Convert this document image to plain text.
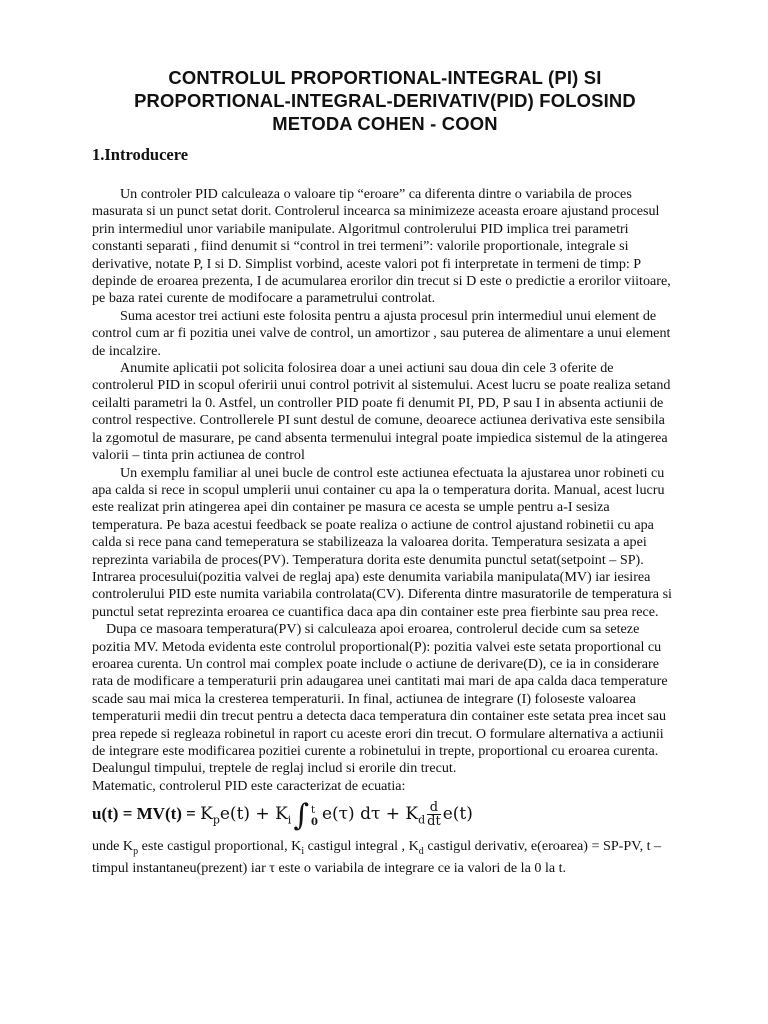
CONTROLUL PROPORTIONAL-INTEGRAL (PI) SI
PROPORTIONAL-INTEGRAL-DERIVATIV(PID) FOLOSIND
METODA COHEN - COON
1.Introducere

Un controler PID calculeaza o valoare tip “eroare” ca diferenta dintre o variabila de proces masurata si un punct setat dorit. Controlerul incearca sa minimizeze aceasta eroare ajustand procesul prin intermediul unor variabile manipulate. Algoritmul controlerului PID implica trei parametri constanti separati , fiind denumit si “control in trei termeni”: valorile proportionale, integrale si derivative, notate P, I si D. Simplist vorbind, aceste valori pot fi interpretate in termeni de timp: P depinde de eroarea prezenta, I de acumularea erorilor din trecut si D este o predictie a erorilor viitoare, pe baza ratei curente de modifocare a parametrului controlat.

Suma acestor trei actiuni este folosita pentru a ajusta procesul prin intermediul unui element de control cum ar fi pozitia unei valve de control, un amortizor , sau puterea de alimentare a unui element de incalzire.

Anumite aplicatii pot solicita folosirea doar a unei actiuni sau doua din cele 3 oferite de controlerul PID in scopul oferirii unui control potrivit al sistemului. Acest lucru se poate realiza setand ceilalti parametri la 0. Astfel, un controller PID poate fi denumit PI, PD, P sau I in absenta actiunii de control respective. Controllerele PI sunt destul de comune, deoarece actiunea derivativa este sensibila la zgomotul de masurare, pe cand absenta termenului integral poate impiedica sistemul de la atingerea valorii – tinta prin actiunea de control

Un exemplu familiar al unei bucle de control este actiunea efectuata la ajustarea unor robineti cu apa calda si rece in scopul umplerii unui container cu apa la o temperatura dorita. Manual, acest lucru este realizat prin atingerea apei din container pe masura ce acesta se umple pentru a-I sesiza temperatura. Pe baza acestui feedback se poate realiza o actiune de control ajustand robinetii cu apa calda si rece pana cand temeperatura se stabilizeaza la valoarea dorita. Temperatura sesizata a apei reprezinta variabila de proces(PV). Temperatura dorita este denumita punctul setat(setpoint – SP). Intrarea procesului(pozitia valvei de reglaj apa) este denumita variabila manipulata(MV) iar iesirea controlerului PID este numita variabila controlata(CV). Diferenta dintre masuratorile de temperatura si punctul setat reprezinta eroarea ce cuantifica daca apa din container este prea fierbinte sau prea rece.

Dupa ce masoara temperatura(PV) si calculeaza apoi eroarea, controlerul decide cum sa seteze pozitia MV. Metoda evidenta este controlul proportional(P): pozitia valvei este setata proportional cu eroarea curenta. Un control mai complex poate include o actiune de derivare(D), ce ia in considerare rata de modificare a temperaturii prin adaugarea unei cantitati mai mari de apa calda daca temperature scade sau mai mica la cresterea temperaturii. In final, actiunea de integrare (I) foloseste valoarea temperaturii medii din trecut pentru a detecta daca temperatura din container este setata prea incet sau prea repede si regleaza robinetul in raport cu aceste erori din trecut. O formulare alternativa a actiunii de integrare este modificarea pozitiei curente a robinetului in trepte, proportional cu eroarea curenta. Dealungul timpului, treptele de reglaj includ si erorile din trecut.

Matematic, controlerul PID este caracterizat de ecuatia:

$u(t) = MV(t) = K_pe(t) + K_i\int$ t
0 e(τ) $d\tau + K_d \frac{d}{dt} e(t)$

unde $K_p$ este castigul proportional, $K_i$ castigul integral , $K_d$ castigul derivativ, e(eroarea) = SP-PV, t – timpul instantaneu(prezent) iar τ este o variabila de integrare ce ia valori de la 0 la t.
